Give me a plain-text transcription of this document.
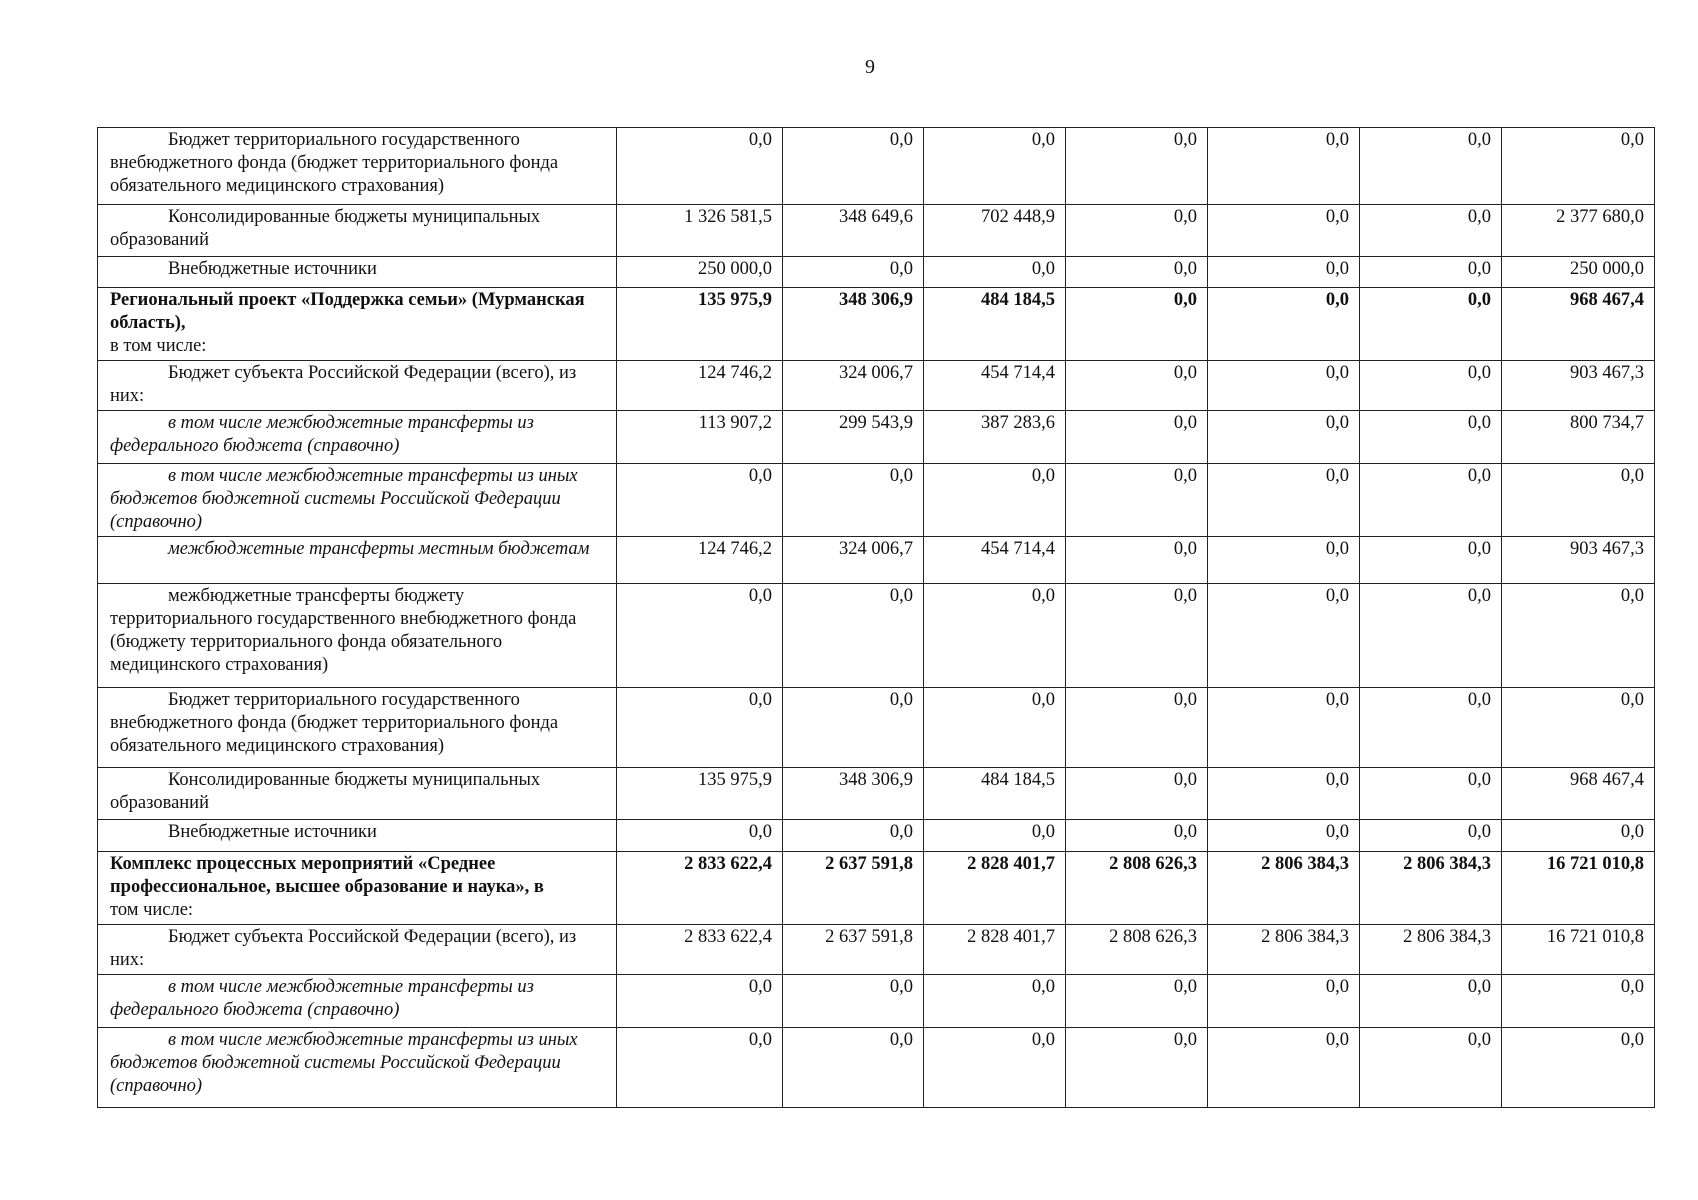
9
Бюджет территориального государственного внебюджетного фонда (бюджет территориального фонда обязательного медицинского страхования)	0,0	0,0	0,0	0,0	0,0	0,0	0,0

Консолидированные бюджеты муниципальных образований	1 326 581,5	348 649,6	702 448,9	0,0	0,0	0,0	2 377 680,0

Внебюджетные источники	250 000,0	0,0	0,0	0,0	0,0	0,0	250 000,0
Региональный проект «Поддержка семьи» (Мурманская область),
в том числе:	135 975,9	348 306,9	484 184,5	0,0	0,0	0,0	968 467,4

Бюджет субъекта Российской Федерации (всего), из них:	124 746,2	324 006,7	454 714,4	0,0	0,0	0,0	903 467,3

в том числе межбюджетные трансферты из федерального бюджета (справочно)	113 907,2	299 543,9	387 283,6	0,0	0,0	0,0	800 734,7

в том числе межбюджетные трансферты из иных бюджетов бюджетной системы Российской Федерации (справочно)	0,0	0,0	0,0	0,0	0,0	0,0	0,0

межбюджетные трансферты местным бюджетам	124 746,2	324 006,7	454 714,4	0,0	0,0	0,0	903 467,3

межбюджетные трансферты бюджету территориального государственного внебюджетного фонда (бюджету территориального фонда обязательного медицинского страхования)	0,0	0,0	0,0	0,0	0,0	0,0	0,0

Бюджет территориального государственного внебюджетного фонда (бюджет территориального фонда обязательного медицинского страхования)	0,0	0,0	0,0	0,0	0,0	0,0	0,0

Консолидированные бюджеты муниципальных образований	135 975,9	348 306,9	484 184,5	0,0	0,0	0,0	968 467,4

Внебюджетные источники	0,0	0,0	0,0	0,0	0,0	0,0	0,0
Комплекс процессных мероприятий «Среднее профессиональное, высшее образование и наука», в
том числе:	2 833 622,4	2 637 591,8	2 828 401,7	2 808 626,3	2 806 384,3	2 806 384,3	16 721 010,8

Бюджет субъекта Российской Федерации (всего), из них:	2 833 622,4	2 637 591,8	2 828 401,7	2 808 626,3	2 806 384,3	2 806 384,3	16 721 010,8

в том числе межбюджетные трансферты из федерального бюджета (справочно)	0,0	0,0	0,0	0,0	0,0	0,0	0,0

в том числе межбюджетные трансферты из иных бюджетов бюджетной системы Российской Федерации (справочно)	0,0	0,0	0,0	0,0	0,0	0,0	0,0
